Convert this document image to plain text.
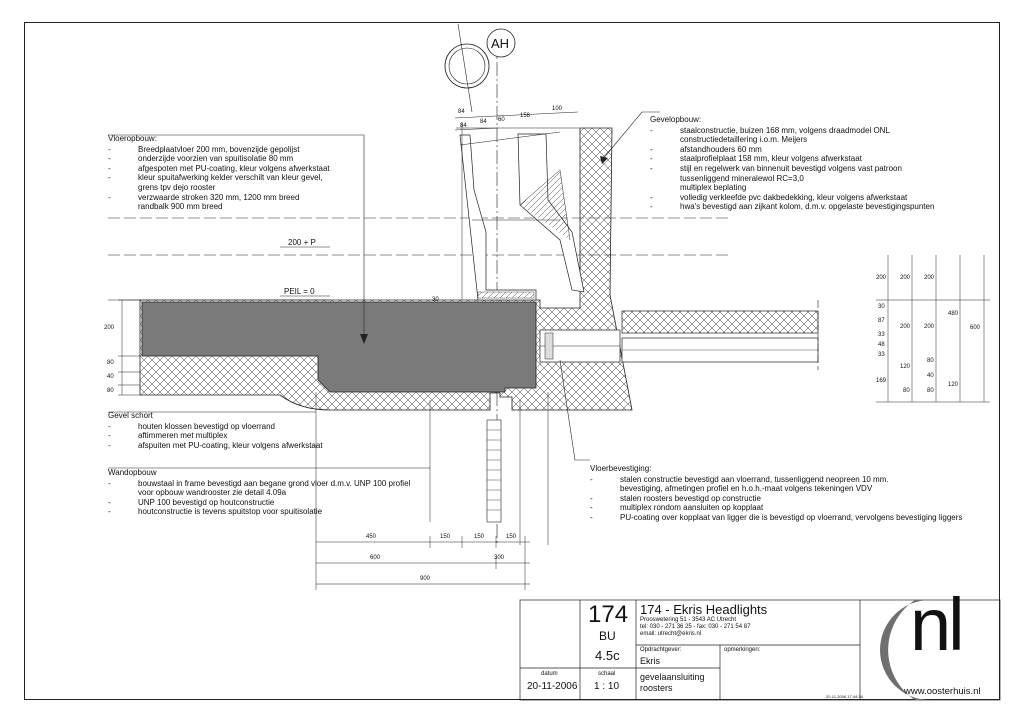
AH
200 + P
PEIL = 0
Vloeropbouw:
- Breedplaatvloer 200 mm, bovenzijde gepolijst
- onderzijde voorzien van spuitisolatie 80 mm
- afgespoten met PU-coating, kleur volgens afwerkstaat
- kleur spuitafwerking kelder verschilt van kleur gevel,
grens tpv dejo rooster
- verzwaarde stroken 320 mm, 1200 mm breed
randbalk 900 mm breed
Gevelopbouw:
- staalconstructie, buizen 168 mm, volgens draadmodel ONL
constructiedetaillering i.o.m. Meijers
- afstandhouders 60 mm
- staalprofielplaat 158 mm, kleur volgens afwerkstaat
- stijl en regelwerk van binnenuit bevestigd volgens vast patroon
tussenliggend mineralewol RC=3,0
multiplex beplating
- volledig verkleefde pvc dakbedekking, kleur volgens afwerkstaat
- hwa's bevestigd aan zijkant kolom, d.m.v. opgelaste bevestigingspunten
Gevel schort
- houten klossen bevestigd op vloerrand
- aftimmeren met multiplex
- afspuiten met PU-coating, kleur volgens afwerkstaat
Wandopbouw
- bouwstaal in frame bevestigd aan begane grond vloer d.m.v. UNP 100 profiel
voor opbouw wandrooster zie detail 4.09a
- UNP 100 bevestigd op houtconstructie
- houtconstructie is tevens spuitstop voor spuitisolatie
Vloerbevestiging:
- stalen constructie bevestigd aan vloerrand, tussenliggend neopreen 10 mm.
bevestiging, afmetingen profiel en h.o.h.-maat volgens tekeningen VDV
- stalen roosters bevestigd op constructie
- multiplex rondom aansluiten op kopplaat
- PU-coating over kopplaat van ligger die is bevestigd op vloerrand, vervolgens bevestiging liggers
84
84
84 60
158
100
200
80
40
80
30
450	150	150	150
600	300
900
200
30
87
33
48
33
169
200
200
120
80
200
200
80
40
80
480
120
600
174
BU
4.5c
174 - Ekris Headlights
Prooswetering 51 - 3543 AC Utrecht
tel: 030 - 271 36 25 - fax: 030 - 271 54 87
email: utrecht@ekris.nl
Opdrachtgever:
Ekris
opmerkingen:
gevelaansluiting
roosters
datum
20-11-2006
schaal
1 : 10
nl
www.oosterhuis.nl
20-11-2006 17:44:36
